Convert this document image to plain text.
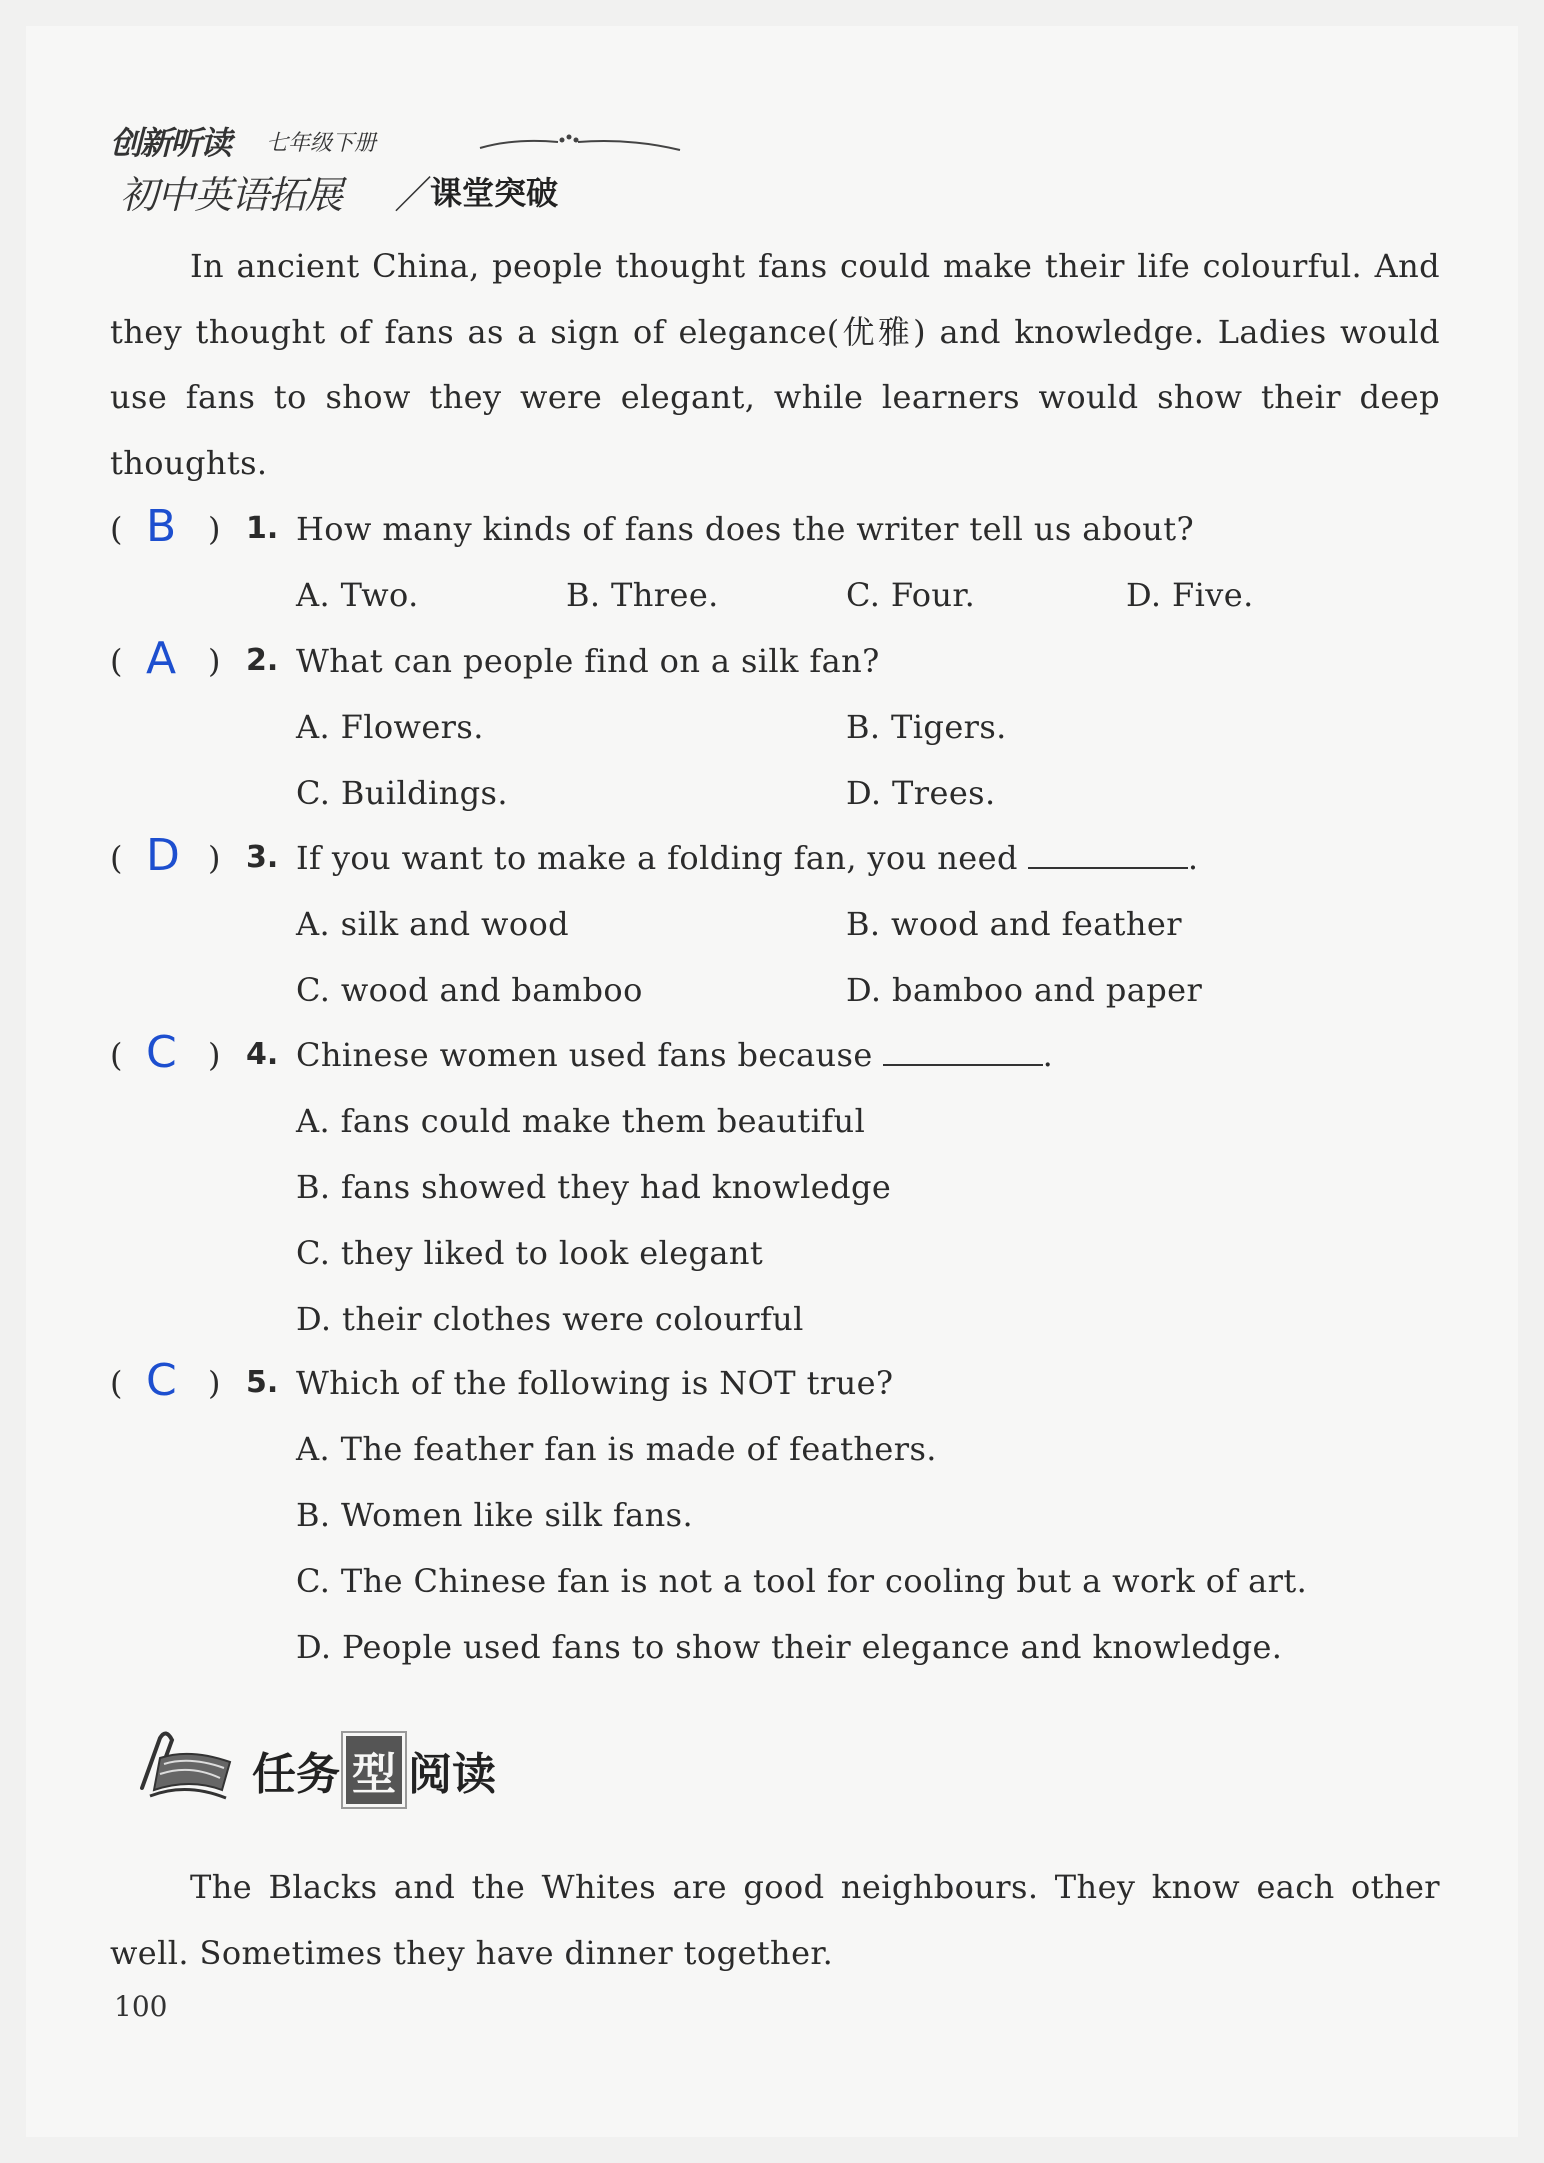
创新听读 七年级下册
初中英语拓展 ／
课堂突破

In ancient China, people thought fans could make their life colourful. And they thought of fans as a sign of elegance(优雅) and knowledge. Ladies would use fans to show they were elegant, while learners would show their deep thoughts.

( B ) 1. How many kinds of fans does the writer tell us about?
A. Two.	B. Three.	C. Four.	D. Five.
( A ) 2. What can people find on a silk fan?
A. Flowers.	B. Tigers.
C. Buildings.	D. Trees.
( D ) 3. If you want to make a folding fan, you need	.
A. silk and wood	B. wood and feather
C. wood and bamboo	D. bamboo and paper
( C ) 4. Chinese women used fans because	.
A. fans could make them beautiful
B. fans showed they had knowledge
C. they liked to look elegant
D. their clothes were colourful
( C ) 5. Which of the following is NOT true?
A. The feather fan is made of feathers.
B. Women like silk fans.
C. The Chinese fan is not a tool for cooling but a work of art.
D. People used fans to show their elegance and knowledge.
任务 型 阅读

The Blacks and the Whites are good neighbours. They know each other well. Sometimes they have dinner together.

100
